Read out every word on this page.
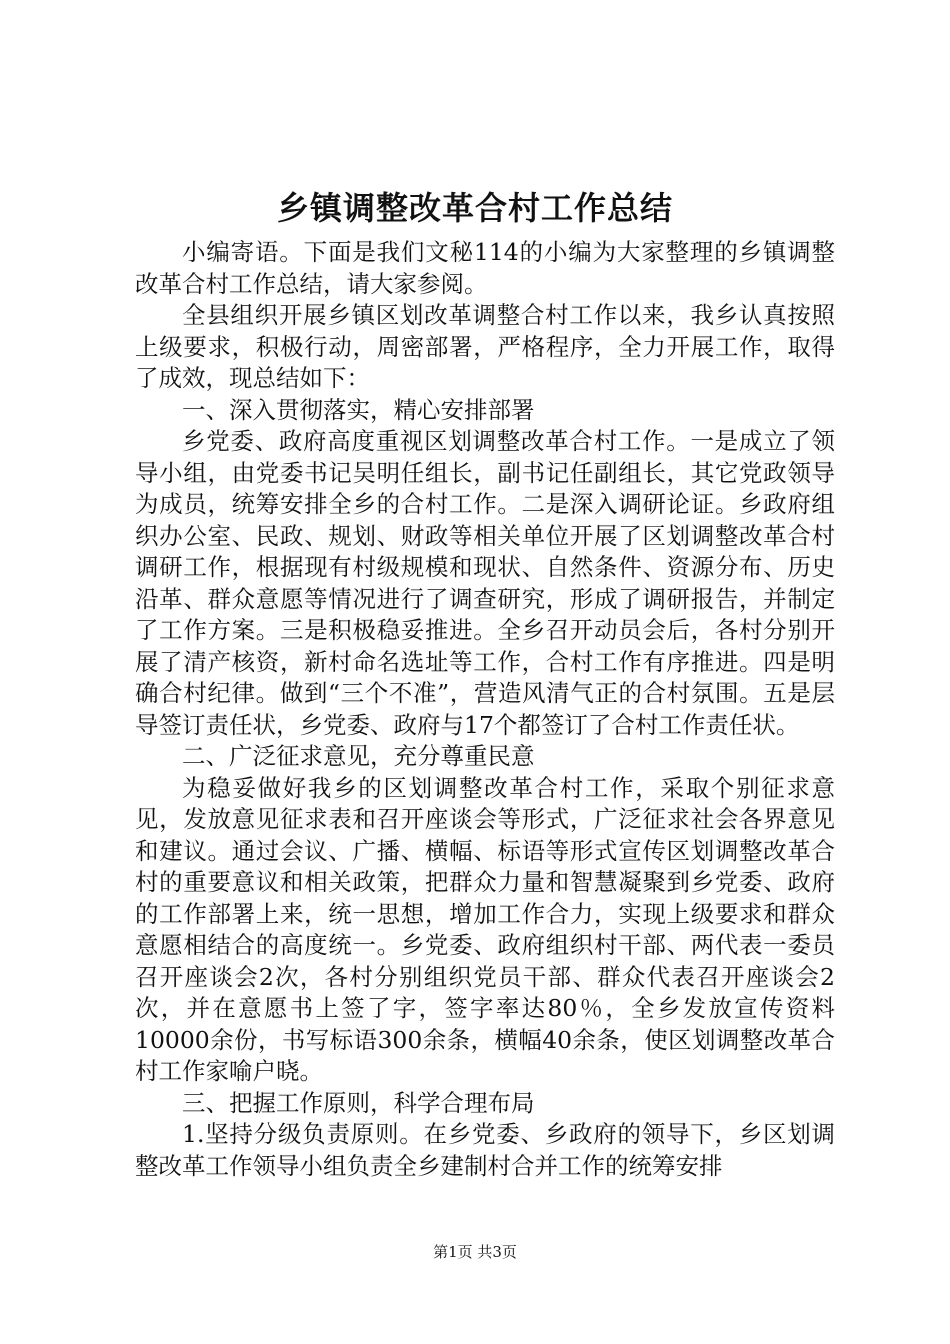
乡镇调整改革合村工作总结

小编寄语。下面是我们文秘114的小编为大家整理的乡镇调整改革合村工作总结，请大家参阅。

全县组织开展乡镇区划改革调整合村工作以来，我乡认真按照上级要求，积极行动，周密部署，严格程序，全力开展工作，取得了成效，现总结如下：

一、深入贯彻落实，精心安排部署

乡党委、政府高度重视区划调整改革合村工作。一是成立了领导小组，由党委书记吴明任组长，副书记任副组长，其它党政领导为成员，统筹安排全乡的合村工作。二是深入调研论证。乡政府组织办公室、民政、规划、财政等相关单位开展了区划调整改革合村调研工作，根据现有村级规模和现状、自然条件、资源分布、历史沿革、群众意愿等情况进行了调查研究，形成了调研报告，并制定了工作方案。三是积极稳妥推进。全乡召开动员会后，各村分别开展了清产核资，新村命名选址等工作，合村工作有序推进。四是明确合村纪律。做到“三个不准”，营造风清气正的合村氛围。五是层导签订责任状，乡党委、政府与17个都签订了合村工作责任状。

二、广泛征求意见，充分尊重民意

为稳妥做好我乡的区划调整改革合村工作，采取个别征求意见，发放意见征求表和召开座谈会等形式，广泛征求社会各界意见和建议。通过会议、广播、横幅、标语等形式宣传区划调整改革合村的重要意议和相关政策，把群众力量和智慧凝聚到乡党委、政府的工作部署上来，统一思想，增加工作合力，实现上级要求和群众意愿相结合的高度统一。乡党委、政府组织村干部、两代表一委员召开座谈会2次，各村分别组织党员干部、群众代表召开座谈会2次，并在意愿书上签了字，签字率达80％，全乡发放宣传资料10000余份，书写标语300余条，横幅40余条，使区划调整改革合村工作家喻户晓。

三、把握工作原则，科学合理布局

1.坚持分级负责原则。在乡党委、乡政府的领导下，乡区划调整改革工作领导小组负责全乡建制村合并工作的统筹安排

第1页 共3页
